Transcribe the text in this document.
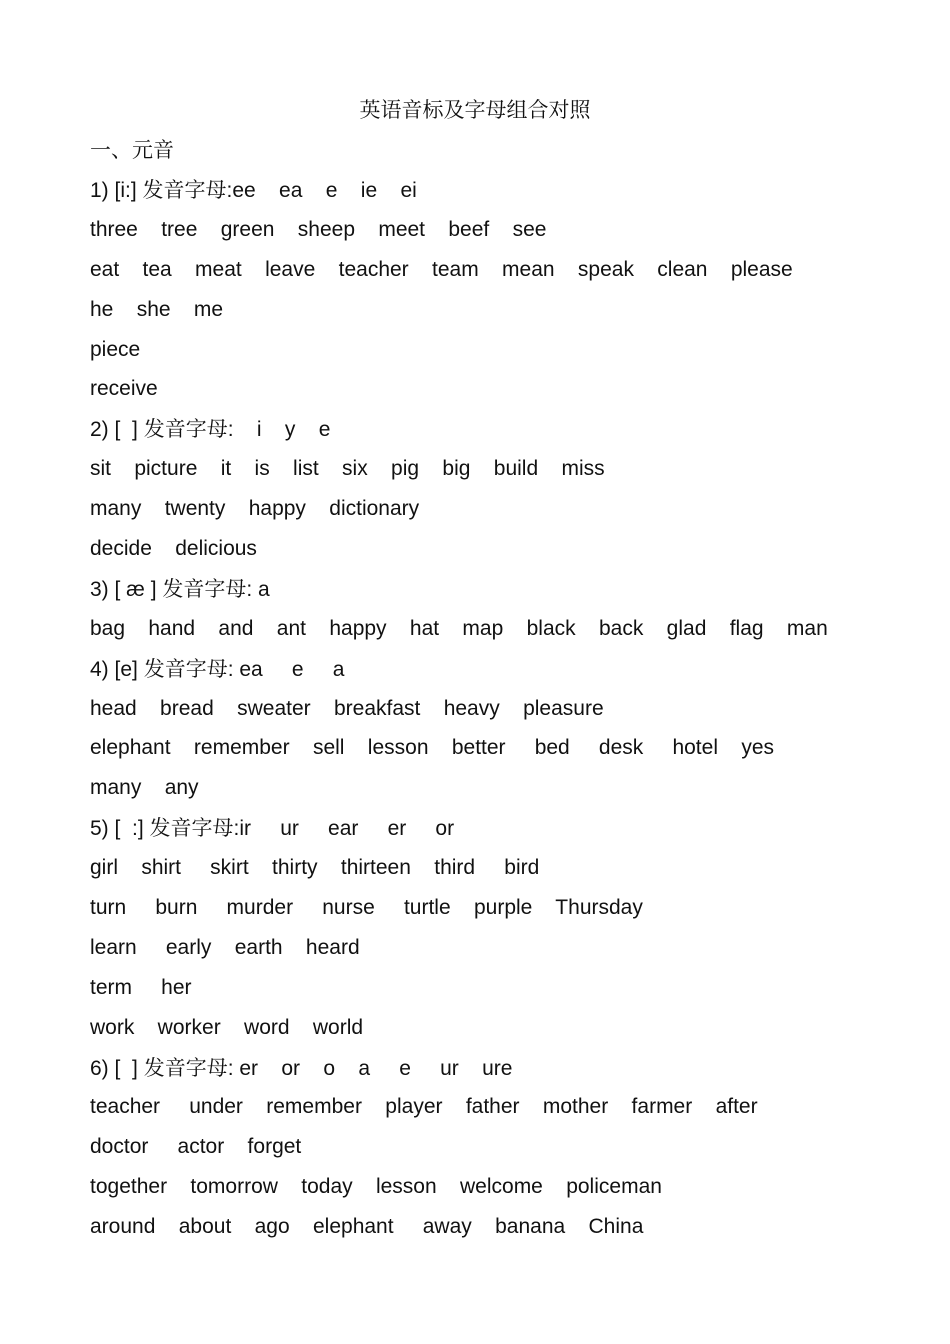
英语音标及字母组合对照
一、元音
1) [i:] 发音字母:ee    ea    e    ie    ei
three    tree    green    sheep    meet    beef    see
eat    tea    meat    leave    teacher    team    mean    speak    clean    please
he    she    me
piece
receive
2) [  ] 发音字母:    i    y    e
sit    picture    it    is    list    six    pig    big    build    miss
many    twenty    happy    dictionary
decide    delicious
3) [ æ ] 发音字母: a
bag    hand    and    ant    happy    hat    map    black    back    glad    flag    man
4) [e] 发音字母: ea     e     a
head    bread    sweater    breakfast    heavy    pleasure
elephant    remember    sell    lesson    better     bed     desk     hotel    yes
many    any
5) [  :] 发音字母:ir     ur     ear     er     or
girl    shirt     skirt    thirty    thirteen    third     bird
turn     burn     murder     nurse     turtle    purple    Thursday
learn     early    earth    heard
term     her
work    worker    word    world
6) [  ] 发音字母: er    or    o    a     e     ur    ure
teacher     under    remember    player    father    mother    farmer    after
doctor     actor    forget
together    tomorrow    today    lesson    welcome    policeman
around    about    ago    elephant     away    banana    China
